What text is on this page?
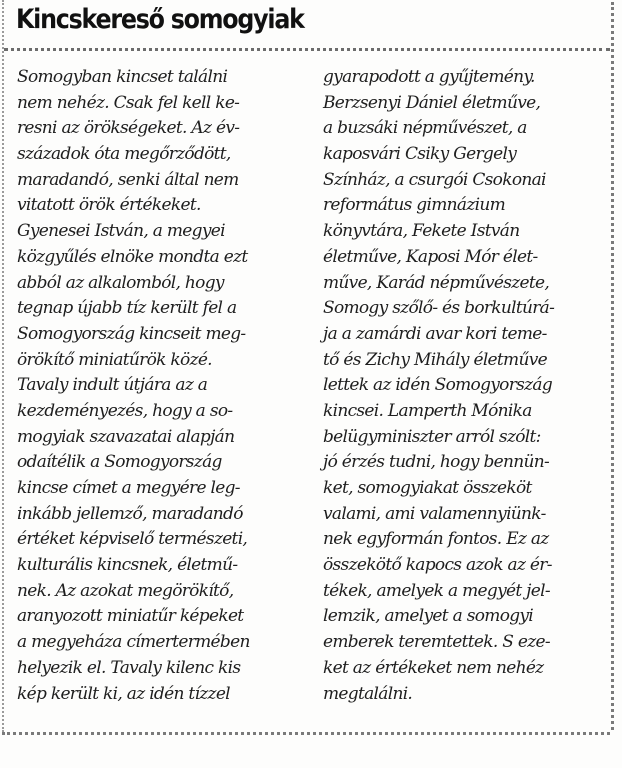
Kincskereső somogyiak
Somogyban kincset találni
nem nehéz. Csak fel kell ke-
resni az örökségeket. Az év-
századok óta megőrződött,
maradandó, senki által nem
vitatott örök értékeket.
Gyenesei István, a megyei
közgyűlés elnöke mondta ezt
abból az alkalomból, hogy
tegnap újabb tíz került fel a
Somogyország kincseit meg-
örökítő miniatűrök közé.
Tavaly indult útjára az a
kezdeményezés, hogy a so-
mogyiak szavazatai alapján
odaítélik a Somogyország
kincse címet a megyére leg-
inkább jellemző, maradandó
értéket képviselő természeti,
kulturális kincsnek, életmű-
nek. Az azokat megörökítő,
aranyozott miniatűr képeket
a megyeháza címertermében
helyezik el. Tavaly kilenc kis
kép került ki, az idén tízzel
gyarapodott a gyűjtemény.
Berzsenyi Dániel életműve,
a buzsáki népművészet, a
kaposvári Csiky Gergely
Színház, a csurgói Csokonai
református gimnázium
könyvtára, Fekete István
életműve, Kaposi Mór élet-
műve, Karád népművészete,
Somogy szőlő- és borkultúrá-
ja a zamárdi avar kori teme-
tő és Zichy Mihály életműve
lettek az idén Somogyország
kincsei. Lamperth Mónika
belügyminiszter arról szólt:
jó érzés tudni, hogy bennün-
ket, somogyiakat összeköt
valami, ami valamennyiünk-
nek egyformán fontos. Ez az
összekötő kapocs azok az ér-
tékek, amelyek a megyét jel-
lemzik, amelyet a somogyi
emberek teremtettek. S eze-
ket az értékeket nem nehéz
megtalálni.
